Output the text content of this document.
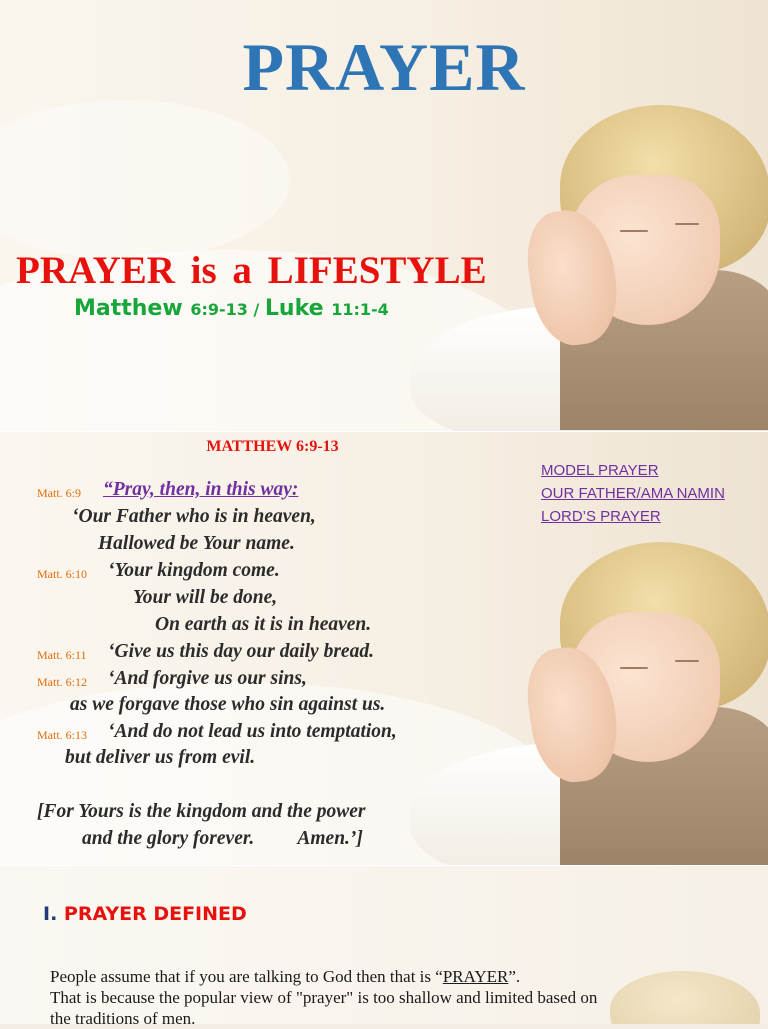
PRAYER
PRAYER is a LIFESTYLE
Matthew 6:9-13 / Luke 11:1-4
MATTHEW 6:9-13
MODEL PRAYER
OUR FATHER/AMA NAMIN
LORD’S PRAYER
Matt. 6:9 “Pray, then, in this way:
‘Our Father who is in heaven,
Hallowed be Your name.
Matt. 6:10 ‘Your kingdom come.
Your will be done,
On earth as it is in heaven.
Matt. 6:11 ‘Give us this day our daily bread.
Matt. 6:12 ‘And forgive us our sins,
as we forgave those who sin against us.
Matt. 6:13 ‘And do not lead us into temptation,
but deliver us from evil.
[For Yours is the kingdom and the power
and the glory forever.         Amen.’]
I. PRAYER DEFINED
People assume that if you are talking to God then that is “PRAYER”.
That is because the popular view of "prayer" is too shallow and limited based on
the traditions of men.
